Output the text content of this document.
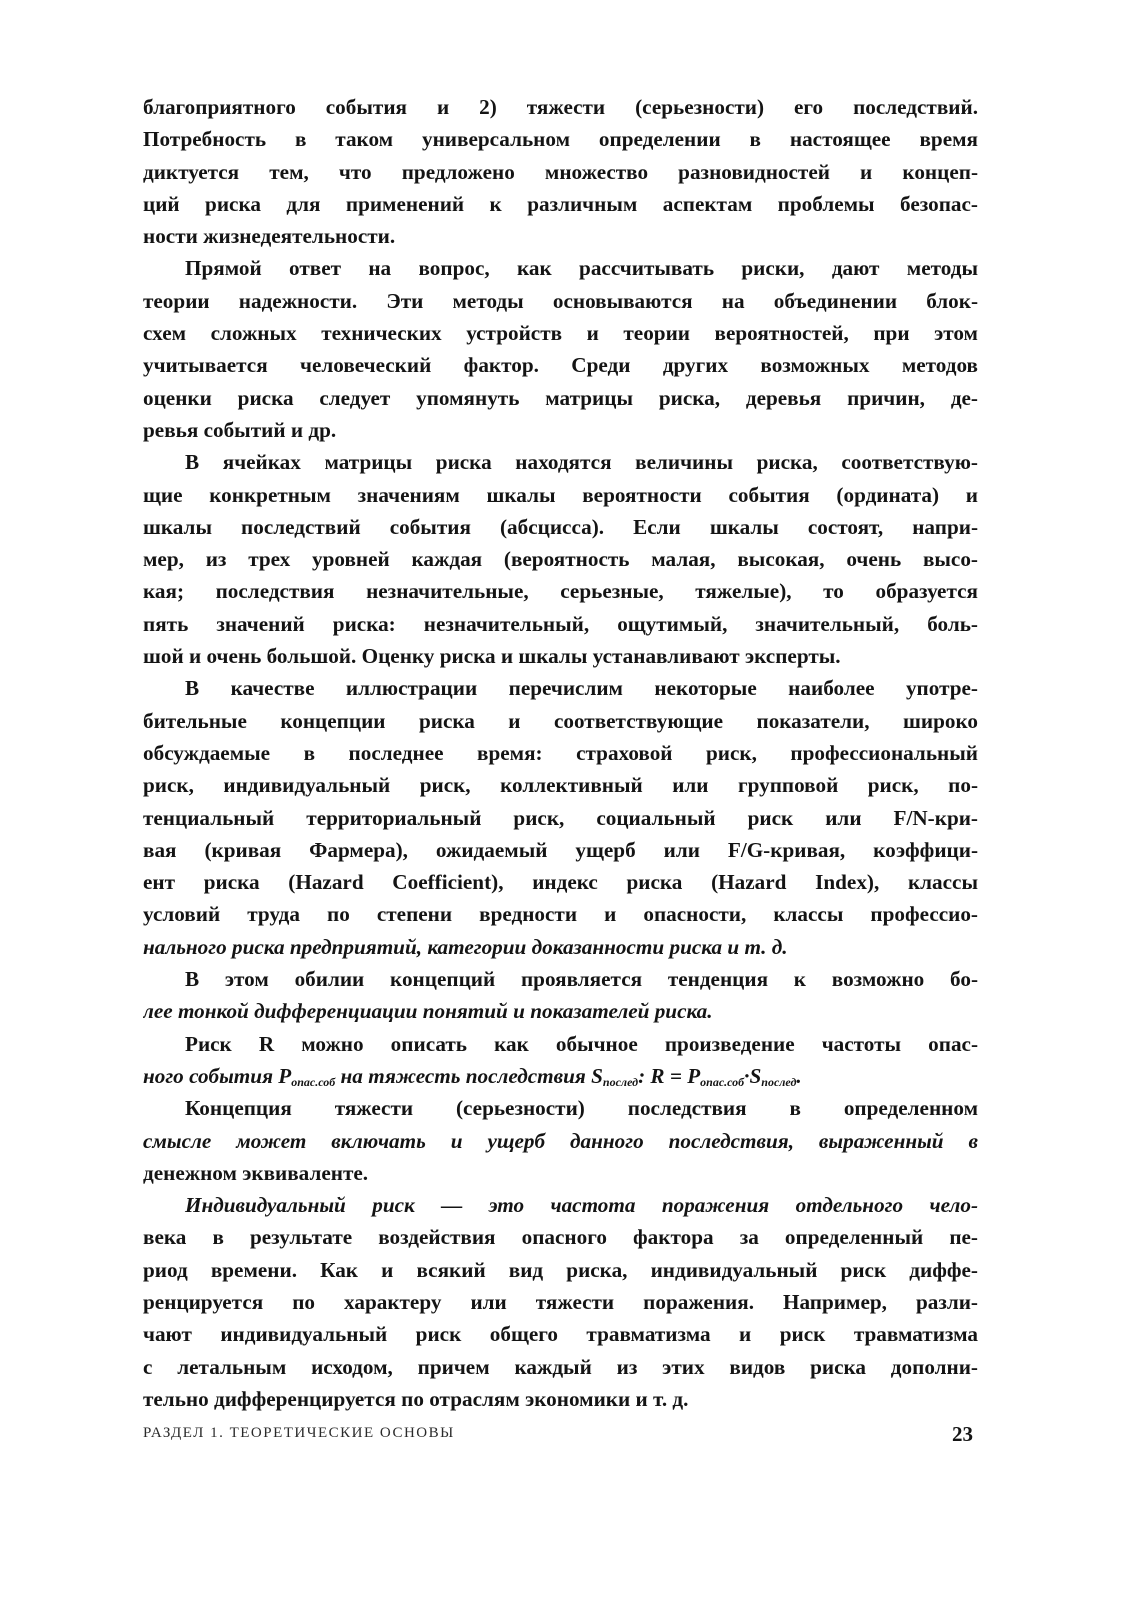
благоприятного события и 2) тяжести (серьезности) его последствий.
Потребность в таком универсальном определении в настоящее время
диктуется тем, что предложено множество разновидностей и концеп-
ций риска для применений к различным аспектам проблемы безопас-
ности жизнедеятельности.
Прямой ответ на вопрос, как рассчитывать риски, дают методы
теории надежности. Эти методы основываются на объединении блок-
схем сложных технических устройств и теории вероятностей, при этом
учитывается человеческий фактор. Среди других возможных методов
оценки риска следует упомянуть матрицы риска, деревья причин, де-
ревья событий и др.
В ячейках матрицы риска находятся величины риска, соответствую-
щие конкретным значениям шкалы вероятности события (ордината) и
шкалы последствий события (абсцисса). Если шкалы состоят, напри-
мер, из трех уровней каждая (вероятность малая, высокая, очень высо-
кая; последствия незначительные, серьезные, тяжелые), то образуется
пять значений риска: незначительный, ощутимый, значительный, боль-
шой и очень большой. Оценку риска и шкалы устанавливают эксперты.
В качестве иллюстрации перечислим некоторые наиболее употре-
бительные концепции риска и соответствующие показатели, широко
обсуждаемые в последнее время: страховой риск, профессиональный
риск, индивидуальный риск, коллективный или групповой риск, по-
тенциальный территориальный риск, социальный риск или F/N-кри-
вая (кривая Фармера), ожидаемый ущерб или F/G-кривая, коэффици-
ент риска (Hazard Coefficient), индекс риска (Hazard Index), классы
условий труда по степени вредности и опасности, классы профессио-
нального риска предприятий, категории доказанности риска и т. д.
В этом обилии концепций проявляется тенденция к возможно бо-
лее тонкой дифференциации понятий и показателей риска.
Риск R можно описать как обычное произведение частоты опас-
ного события $P_{опас.соб}$ на тяжесть последствия $S_{послед}$: $R = P_{опас.соб}\cdot S_{послед}$.
Концепция тяжести (серьезности) последствия в определенном
смысле может включать и ущерб данного последствия, выраженный в
денежном эквиваленте.
Индивидуальный риск — это частота поражения отдельного чело-
века в результате воздействия опасного фактора за определенный пе-
риод времени. Как и всякий вид риска, индивидуальный риск диффе-
ренцируется по характеру или тяжести поражения. Например, разли-
чают индивидуальный риск общего травматизма и риск травматизма
с летальным исходом, причем каждый из этих видов риска дополни-
тельно дифференцируется по отраслям экономики и т. д.
РАЗДЕЛ 1. ТЕОРЕТИЧЕСКИЕ ОСНОВЫ	23
